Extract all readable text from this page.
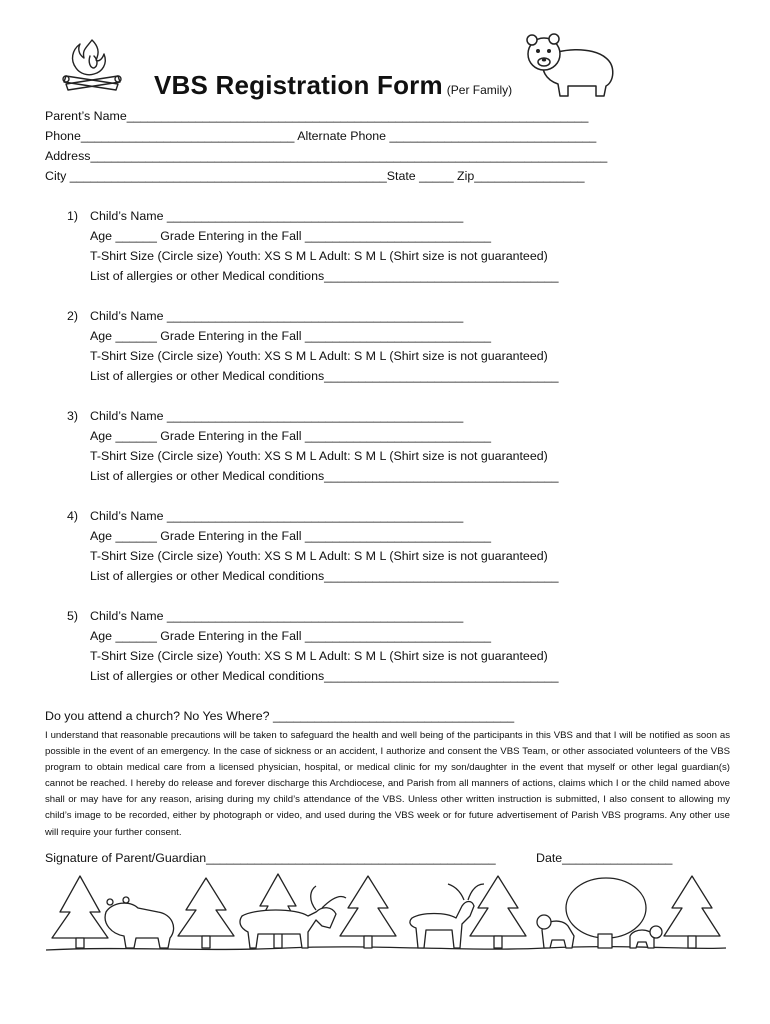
VBS Registration Form (Per Family)
Parent’s Name___________________________________________________________________
Phone_______________________________ Alternate Phone ______________________________
Address___________________________________________________________________________
City ______________________________________________State _____ Zip________________
1) Child’s Name ___________________________________________
Age ______ Grade Entering in the Fall ___________________________
T-Shirt Size (Circle size) Youth: XS S M L Adult: S M L (Shirt size is not guaranteed)
List of allergies or other Medical conditions__________________________________
2) Child’s Name ___________________________________________
Age ______ Grade Entering in the Fall ___________________________
T-Shirt Size (Circle size) Youth: XS S M L Adult: S M L (Shirt size is not guaranteed)
List of allergies or other Medical conditions__________________________________
3) Child’s Name ___________________________________________
Age ______ Grade Entering in the Fall ___________________________
T-Shirt Size (Circle size) Youth: XS S M L Adult: S M L (Shirt size is not guaranteed)
List of allergies or other Medical conditions__________________________________
4) Child’s Name ___________________________________________
Age ______ Grade Entering in the Fall ___________________________
T-Shirt Size (Circle size) Youth: XS S M L Adult: S M L (Shirt size is not guaranteed)
List of allergies or other Medical conditions__________________________________
5) Child’s Name ___________________________________________
Age ______ Grade Entering in the Fall ___________________________
T-Shirt Size (Circle size) Youth: XS S M L Adult: S M L (Shirt size is not guaranteed)
List of allergies or other Medical conditions__________________________________
Do you attend a church? No Yes Where? ___________________________________
I understand that reasonable precautions will be taken to safeguard the health and well being of the participants in this VBS and that I will be notified as soon as possible in the event of an emergency. In the case of sickness or an accident, I authorize and consent the VBS Team, or other associated volunteers of the VBS program to obtain medical care from a licensed physician, hospital, or medical clinic for my son/daughter in the event that myself or other legal guardian(s) cannot be reached. I hereby do release and forever discharge this Archdiocese, and Parish from all manners of actions, claims which I or the child named above shall or may have for any reason, arising during my child’s attendance of the VBS. Unless other written instruction is submitted, I also consent to allowing my child’s image to be recorded, either by photograph or video, and used during the VBS week or for future advertisement of Parish VBS programs. Any other use will require your further consent.
Signature of Parent/Guardian__________________________________________	Date________________
